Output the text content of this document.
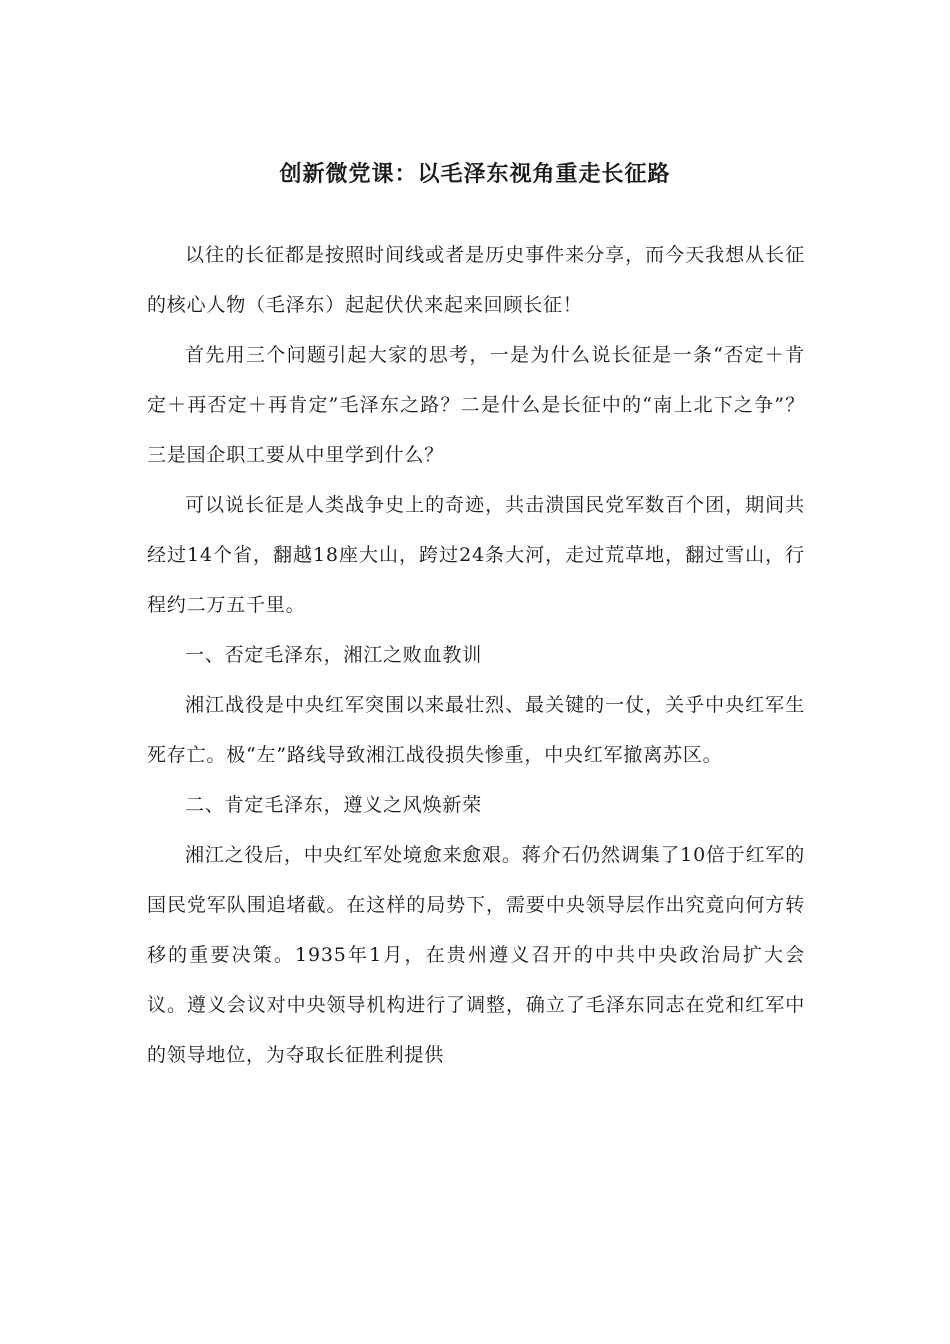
创新微党课：以毛泽东视角重走长征路

以往的长征都是按照时间线或者是历史事件来分享，而今天我想从长征的核心人物（毛泽东）起起伏伏来起来回顾长征！

首先用三个问题引起大家的思考，一是为什么说长征是一条“否定＋肯定＋再否定＋再肯定”毛泽东之路？二是什么是长征中的“南上北下之争”？三是国企职工要从中里学到什么？

可以说长征是人类战争史上的奇迹，共击溃国民党军数百个团，期间共经过14个省，翻越18座大山，跨过24条大河，走过荒草地，翻过雪山，行程约二万五千里。

一、否定毛泽东，湘江之败血教训

湘江战役是中央红军突围以来最壮烈、最关键的一仗，关乎中央红军生死存亡。极“左”路线导致湘江战役损失惨重，中央红军撤离苏区。

二、肯定毛泽东，遵义之风焕新荣

湘江之役后，中央红军处境愈来愈艰。蒋介石仍然调集了10倍于红军的国民党军队围追堵截。在这样的局势下，需要中央领导层作出究竟向何方转移的重要决策。1935年1月，在贵州遵义召开的中共中央政治局扩大会议。遵义会议对中央领导机构进行了调整，确立了毛泽东同志在党和红军中的领导地位，为夺取长征胜利提供
